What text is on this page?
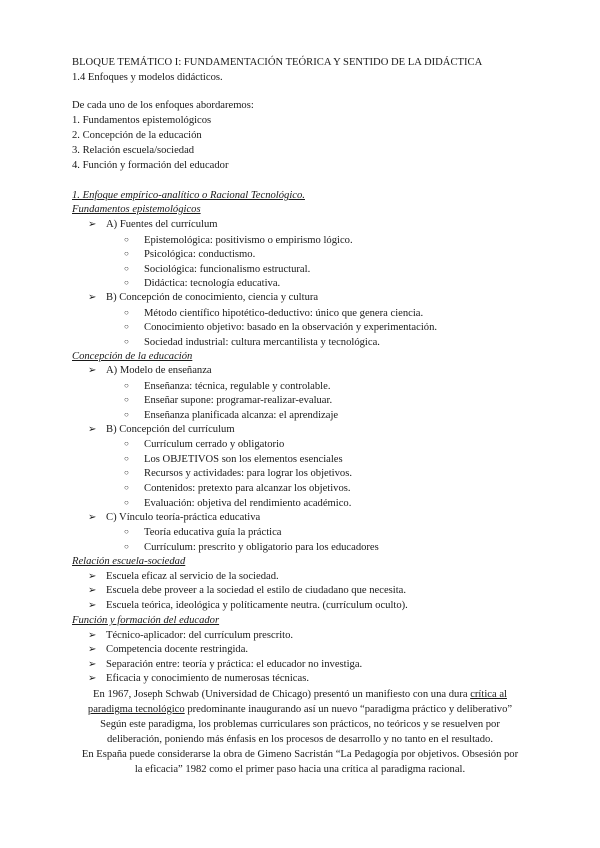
BLOQUE TEMÁTICO I: FUNDAMENTACIÓN TEÓRICA Y SENTIDO DE LA DIDÁCTICA
1.4 Enfoques y modelos didácticos.
De cada uno de los enfoques abordaremos:
1. Fundamentos epistemológicos
2. Concepción de la educación
3. Relación escuela/sociedad
4. Función y formación del educador
1. Enfoque empírico-analítico o Racional Tecnológico.
Fundamentos epistemológicos
➢ A) Fuentes del currículum
○ Epistemológica: positivismo o empirismo lógico.
○ Psicológica: conductismo.
○ Sociológica: funcionalismo estructural.
○ Didáctica: tecnología educativa.
➢ B) Concepción de conocimiento, ciencia y cultura
○ Método científico hipotético-deductivo: único que genera ciencia.
○ Conocimiento objetivo: basado en la observación y experimentación.
○ Sociedad industrial: cultura mercantilista y tecnológica.
Concepción de la educación
➢ A) Modelo de enseñanza
○ Enseñanza: técnica, regulable y controlable.
○ Enseñar supone: programar-realizar-evaluar.
○ Enseñanza planificada alcanza: el aprendizaje
➢ B) Concepción del currículum
○ Currículum cerrado y obligatorio
○ Los OBJETIVOS son los elementos esenciales
○ Recursos y actividades: para lograr los objetivos.
○ Contenidos: pretexto para alcanzar los objetivos.
○ Evaluación: objetiva del rendimiento académico.
➢ C) Vínculo teoría-práctica educativa
○ Teoría educativa guía la práctica
○ Currículum: prescrito y obligatorio para los educadores
Relación escuela-sociedad
➢ Escuela eficaz al servicio de la sociedad.
➢ Escuela debe proveer a la sociedad el estilo de ciudadano que necesita.
➢ Escuela teórica, ideológica y políticamente neutra. (currículum oculto).
Función y formación del educador
➢ Técnico-aplicador: del currículum prescrito.
➢ Competencia docente restringida.
➢ Separación entre: teoría y práctica: el educador no investiga.
➢ Eficacia y conocimiento de numerosas técnicas.
En 1967, Joseph Schwab (Universidad de Chicago) presentó un manifiesto con una dura crítica al
paradigma tecnológico predominante inaugurando así un nuevo “paradigma práctico y deliberativo”
Según este paradigma, los problemas curriculares son prácticos, no teóricos y se resuelven por
deliberación, poniendo más énfasis en los procesos de desarrollo y no tanto en el resultado.
En España puede considerarse la obra de Gimeno Sacristán “La Pedagogía por objetivos. Obsesión por
la eficacia” 1982 como el primer paso hacia una crítica al paradigma racional.
